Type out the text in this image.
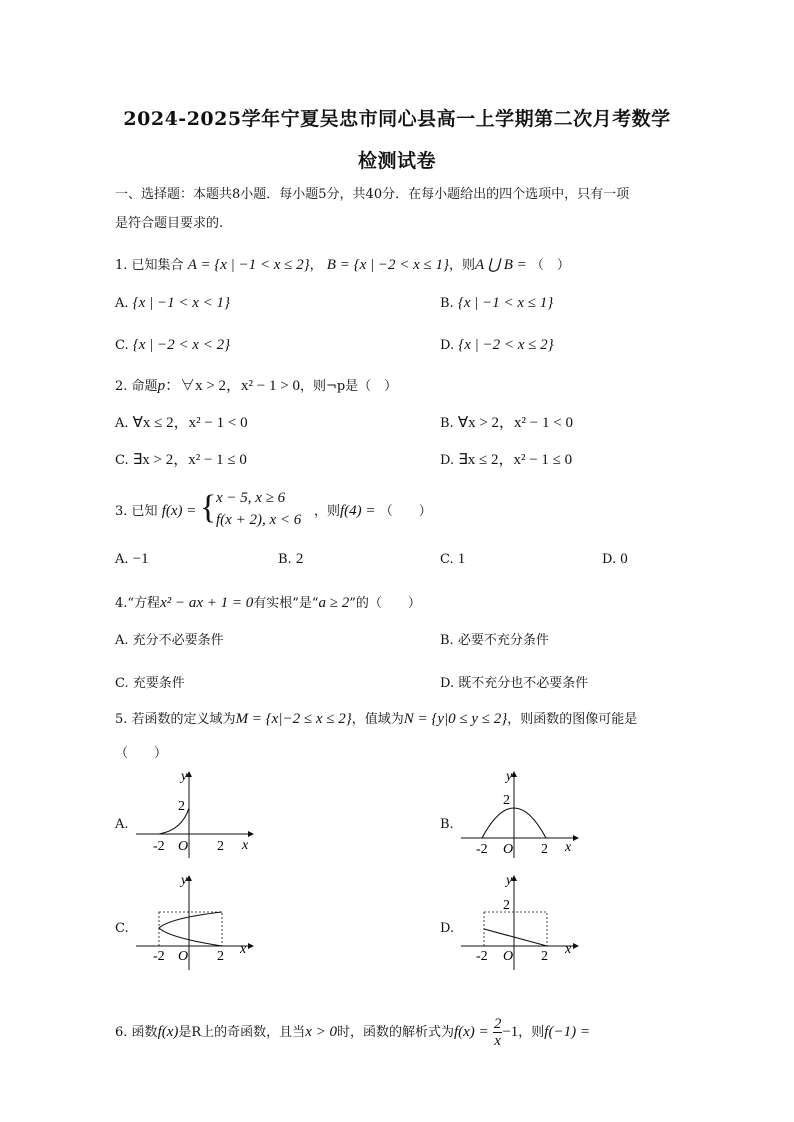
2024-2025学年宁夏吴忠市同心县高一上学期第二次月考数学
检测试卷
一、选择题：本题共8小题．每小题5分，共40分．在每小题给出的四个选项中，只有一项
是符合题目要求的.
1. 已知集合 A = {x | −1 < x ≤ 2}， B = {x | −2 < x ≤ 1}，则A ⋃ B = （　）
A. {x | −1 < x < 1}	B. {x | −1 < x ≤ 1}
C. {x | −2 < x < 2}	D. {x | −2 < x ≤ 2}
2. 命题p：∀x > 2，x² − 1 > 0，则¬p是（　）
A. ∀x ≤ 2，x² − 1 < 0	B. ∀x > 2，x² − 1 < 0
C. ∃x > 2，x² − 1 ≤ 0	D. ∃x ≤ 2，x² − 1 ≤ 0
3. 已知 f(x) = { x − 5, x ≥ 6
f(x + 2), x < 6
，则f(4) = （　　）
A. −1	B. 2	C. 1	D. 0
4.“方程x² − ax + 1 = 0有实根”是“a ≥ 2”的（　　）
A. 充分不必要条件	B. 必要不充分条件
C. 充要条件	D. 既不充分也不必要条件
5. 若函数的定义域为M = {x|−2 ≤ x ≤ 2}，值域为N = {y|0 ≤ y ≤ 2}，则函数的图像可能是
（　　）
A.	B.
C.	D.
y
x
2
-2 O 2
y
x
2
-2 O 2
y
x
-2 O 2
y
x
2
-2 O 2
6. 函数f(x)是R上的奇函数，且当x > 0时，函数的解析式为$f(x) = \frac{2}{x} -1$，则f(−1) =
